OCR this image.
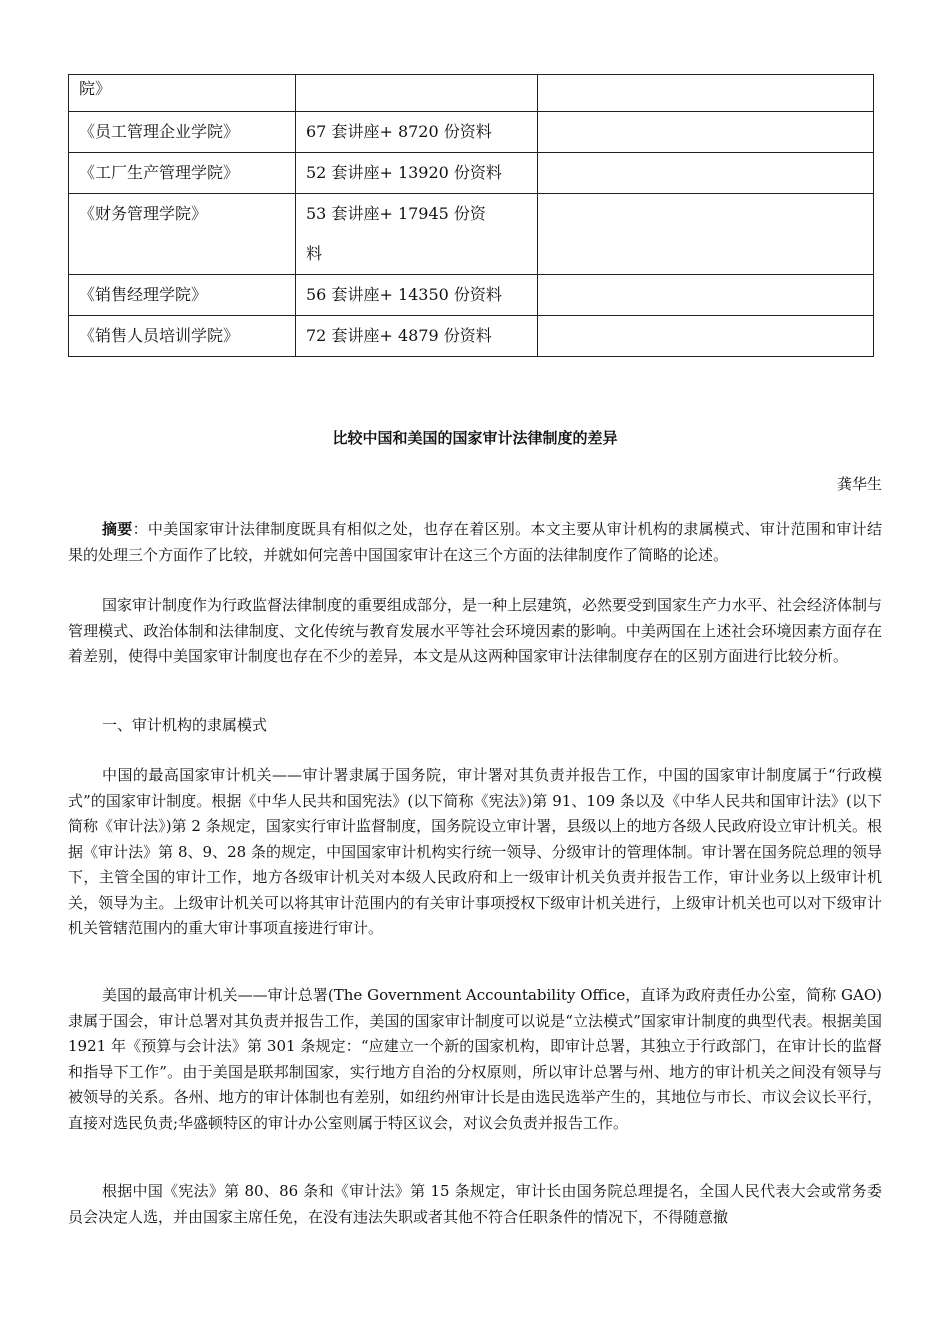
院》		
《员工管理企业学院》	67 套讲座+ 8720 份资料	
《工厂生产管理学院》	52 套讲座+ 13920 份资料	

《财务管理学院》	53 套讲座+ 17945 份资
料	

《销售经理学院》	56 套讲座+ 14350 份资料	
《销售人员培训学院》	72 套讲座+ 4879 份资料	
比较中国和美国的国家审计法律制度的差异
龚华生

摘要：中美国家审计法律制度既具有相似之处，也存在着区别。本文主要从审计机构的隶属模式、审计范围和审计结果的处理三个方面作了比较，并就如何完善中国国家审计在这三个方面的法律制度作了简略的论述。

国家审计制度作为行政监督法律制度的重要组成部分，是一种上层建筑，必然要受到国家生产力水平、社会经济体制与管理模式、政治体制和法律制度、文化传统与教育发展水平等社会环境因素的影响。中美两国在上述社会环境因素方面存在着差别，使得中美国家审计制度也存在不少的差异，本文是从这两种国家审计法律制度存在的区别方面进行比较分析。

一、审计机构的隶属模式

中国的最高国家审计机关——审计署隶属于国务院，审计署对其负责并报告工作，中国的国家审计制度属于“行政模式”的国家审计制度。根据《中华人民共和国宪法》(以下简称《宪法》)第 91、109 条以及《中华人民共和国审计法》(以下简称《审计法》)第 2 条规定，国家实行审计监督制度，国务院设立审计署，县级以上的地方各级人民政府设立审计机关。根据《审计法》第 8、9、28 条的规定，中国国家审计机构实行统一领导、分级审计的管理体制。审计署在国务院总理的领导下，主管全国的审计工作，地方各级审计机关对本级人民政府和上一级审计机关负责并报告工作，审计业务以上级审计机关，领导为主。上级审计机关可以将其审计范围内的有关审计事项授权下级审计机关进行，上级审计机关也可以对下级审计机关管辖范围内的重大审计事项直接进行审计。

美国的最高审计机关——审计总署(The Government Accountability Office，直译为政府责任办公室，简称 GAO)隶属于国会，审计总署对其负责并报告工作，美国的国家审计制度可以说是“立法模式”国家审计制度的典型代表。根据美国 1921 年《预算与会计法》第 301 条规定：“应建立一个新的国家机构，即审计总署，其独立于行政部门，在审计长的监督和指导下工作”。由于美国是联邦制国家，实行地方自治的分权原则，所以审计总署与州、地方的审计机关之间没有领导与被领导的关系。各州、地方的审计体制也有差别，如纽约州审计长是由选民选举产生的，其地位与市长、市议会议长平行，直接对选民负责;华盛顿特区的审计办公室则属于特区议会，对议会负责并报告工作。

根据中国《宪法》第 80、86 条和《审计法》第 15 条规定，审计长由国务院总理提名，全国人民代表大会或常务委员会决定人选，并由国家主席任免，在没有违法失职或者其他不符合任职条件的情况下，不得随意撤
